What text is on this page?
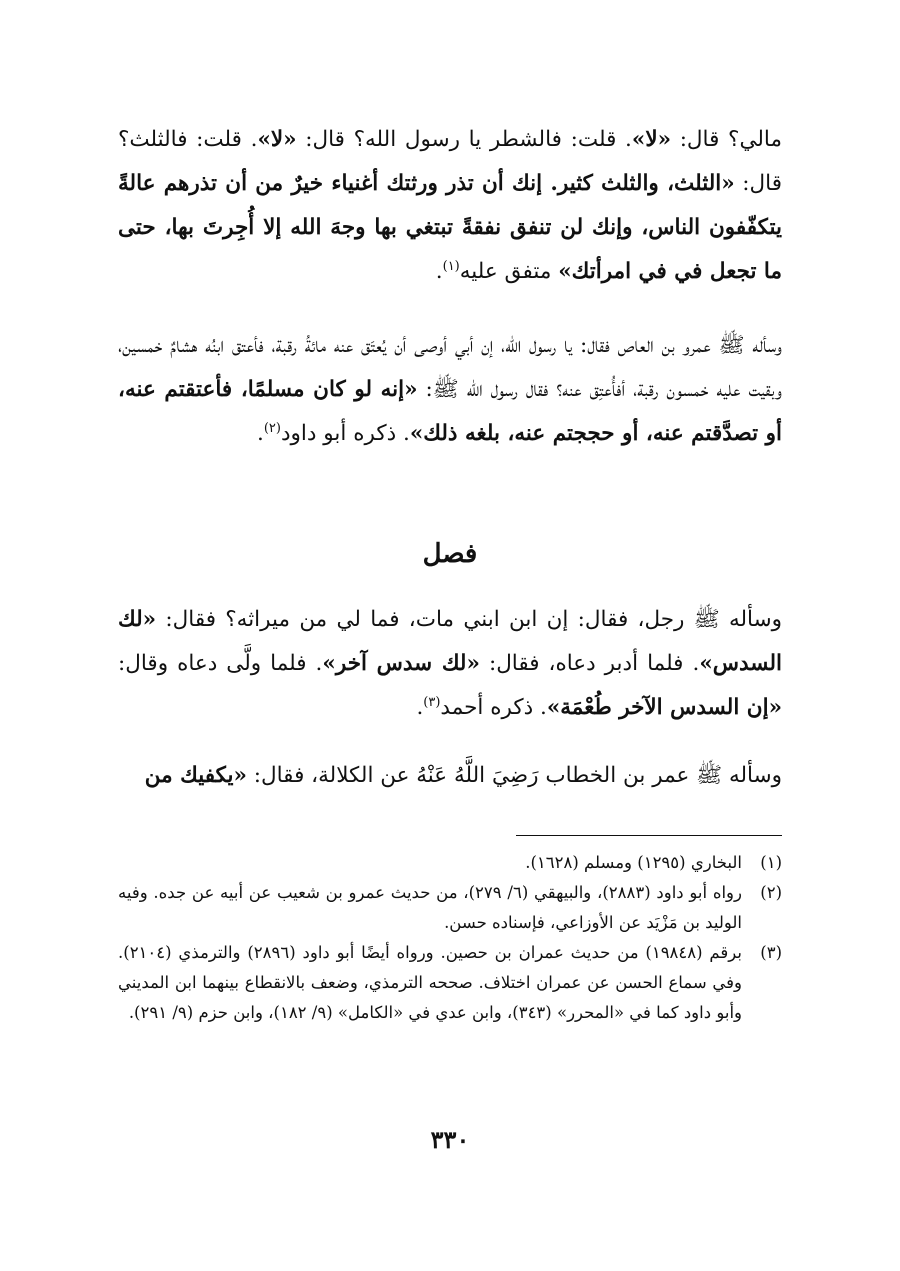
مالي؟ قال: «لا». قلت: فالشطر يا رسول الله؟ قال: «لا». قلت: فالثلث؟ قال: «الثلث، والثلث كثير. إنك أن تذر ورثتك أغنياء خيرٌ من أن تذرهم عالةً يتكفّفون الناس، وإنك لن تنفق نفقةً تبتغي بها وجهَ الله إلا أُجِرتَ بها، حتى ما تجعل في في امرأتك» متفق عليه$^{(١)}$.

وسأله ﷺ عمرو بن العاص فقال: يا رسول الله، إن أبي أوصى أن يُعتَق عنه مائةُ رقبة، فأعتق ابنُه هشامٌ خمسين، وبقيت عليه خمسون رقبة، أفأُعتِق عنه؟ فقال رسول الله ﷺ: «إنه لو كان مسلمًا، فأعتقتم عنه، أو تصدَّقتم عنه، أو حججتم عنه، بلغه ذلك». ذكره أبو داود$^{(٢)}$.

فصل

وسأله ﷺ رجل، فقال: إن ابن ابني مات، فما لي من ميراثه؟ فقال: «لك السدس». فلما أدبر دعاه، فقال: «لك سدس آخر». فلما ولَّى دعاه وقال: «إن السدس الآخر طُعْمَة». ذكره أحمد$^{(٣)}$.

وسأله ﷺ عمر بن الخطاب رَضِيَ اللَّهُ عَنْهُ عن الكلالة، فقال: «يكفيك من

(١)
البخاري (١٢٩٥) ومسلم (١٦٢٨).
(٢)
رواه أبو داود (٢٨٨٣)، والبيهقي (٦/ ٢٧٩)، من حديث عمرو بن شعيب عن أبيه عن جده. وفيه الوليد بن مَزْيَد عن الأوزاعي، فإسناده حسن.
(٣)
برقم (١٩٨٤٨) من حديث عمران بن حصين. ورواه أيضًا أبو داود (٢٨٩٦) والترمذي (٢١٠٤). وفي سماع الحسن عن عمران اختلاف. صححه الترمذي، وضعف بالانقطاع بينهما ابن المديني وأبو داود كما في «المحرر» (٣٤٣)، وابن عدي في «الكامل» (٩/ ١٨٢)، وابن حزم (٩/ ٢٩١).
٣٣٠
